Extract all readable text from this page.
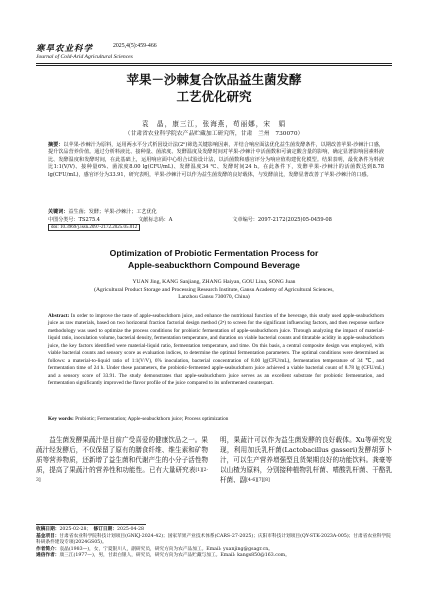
寒旱农业科学	2025,4(5):459-466
Journal of Cold-Arid Agricultural Sciences
苹果－沙棘复合饮品益生菌发酵
工艺优化研究
袁　晶，康三江，张海燕，苟丽娜，宋　娟
（甘肃省农业科学院农产品贮藏加工研究所，甘肃　兰州　730070）
摘要：以苹果-沙棘汁为原料，运用两水平分式析因设计法(2ⁿ)筛选关键影响因素，并结合响应面法优化益生菌发酵条件，以期改善苹果-沙棘汁口感，提升饮品营养价值。通过分析料液比、接种量、菌浓度、发酵温度及发酵时间对苹果-沙棘汁中活菌数和可滴定酸含量的影响，确定显著影响因素料液比、发酵温度和发酵时间，在此基础上，运用响应面中心组合试验设计法，以活菌数和感官评分为响应值构建优化模型。结果表明，最优条件为料液比1:1(V/V)、接种量6%、菌浓度8.00 lg(CFU/mL)、发酵温度34 ℃、发酵时间24 h。在此条件下，发酵苹果-沙棘汁的活菌数达到8.78 lg(CFU/mL)，感官评分为33.91，研究表明，苹果-沙棘汁可以作为益生菌发酵的良好载体，与发酵前比，发酵显著改善了苹果-沙棘汁的口感。
关键词：益生菌；发酵；苹果-沙棘汁；工艺优化
中图分类号：TS275.4	文献标志码：A	文章编号：2097-2172(2025)05-0459-08
doi: 10.3969/j.issn.2097-2172.2025.05.012
Optimization of Probiotic Fermentation Process for
Apple-seabuckthorn Compound Beverage
YUAN Jing, KANG Sanjiang, ZHANG Haiyan, GOU Lina, SONG Juan
(Agricultural Product Storage and Processing Research Institute, Gansu Academy of Agricultural Sciences,
Lanzhou Gansu 730070, China)
Abstract: In order to improve the taste of apple-seabuckthorn juice, and enhance the nutritional function of the beverage, this study used apple-seabuckthorn juice as raw materials, based on two horizontal fraction factorial design method (2ⁿ) to screen for the significant influencing factors, and then response surface methodology was used to optimize the process conditions for probiotic fermentation of apple-seabuckthorn juice. Through analyzing the impact of material-liquid ratio, inoculation volume, bacterial density, fermentation temperature, and duration on viable bacterial counts and titratable acidity in apple-seabuckthorn juice, the key factors identified were material-liquid ratio, fermentation temperature, and time. On this basis, a central composite design was employed, with viable bacterial counts and sensory score as evaluation indices, to determine the optimal fermentation parameters. The optimal conditions were determined as follows: a material-to-liquid ratio of 1:1(V/V), 6% inoculation, bacterial concentration of 8.00 lg(CFU/mL), fermentation temperature of 34 ℃, and fermentation time of 24 h. Under these parameters, the probiotic-fermented apple-seabuckthorn juice achieved a viable bacterial count of 8.78 lg (CFU/mL) and a sensory score of 33.91. The study demonstrates that apple-seabuckthorn juice serves as an excellent substrate for probiotic fermentation, and fermentation significantly improved the flavor profile of the juice compared to its unfermented counterpart.
Key words: Probiotic; Fermentation; Apple-seabuckthorn juice; Process optimization

　　益生菌发酵果蔬汁是目前广受喜爱的健康饮品之一。果蔬汁经发酵后，不仅保留了原有的膳食纤维、维生素和矿物质等营养物质，还新增了益生菌和代谢产生的小分子活性物质，提高了果蔬汁的营养性和功能性。已有大量研究表[1][2-3]

明，果蔬汁可以作为益生菌发酵的良好载体。Xu等研究发现，利用加氏乳杆菌(Lactobacillus gasseri)发酵胡萝卜汁，可以生产营养增强型且货架期良好的功能饮料。龚豪等以山楂为原料，分别接种植物乳杆菌、嗜酸乳杆菌、干酪乳杆菌、副[4-6][7][8]

收稿日期：2025-02-28；　 修订日期：2025-04-28
基金项目：甘肃省农业科学院科技计划项目(GNKJ-2024-42)；国家苹果产业技术体系(CARS-27-2025)；庆阳市科技计划项目(QY-STK-2023A-005)；甘肃省农业科学院科研条件建设专项(2024GS05)。
作者简介：袁晶(1983—)，女，宁夏银川人，副研究员，研究方向为农产品加工。Email: yuanjing@gsagr.cn。
通信作者：康三江(1977—)，男，甘肃白银人，研究员，研究方向为农产品贮藏与加工。Email: kangs850@163.com。
